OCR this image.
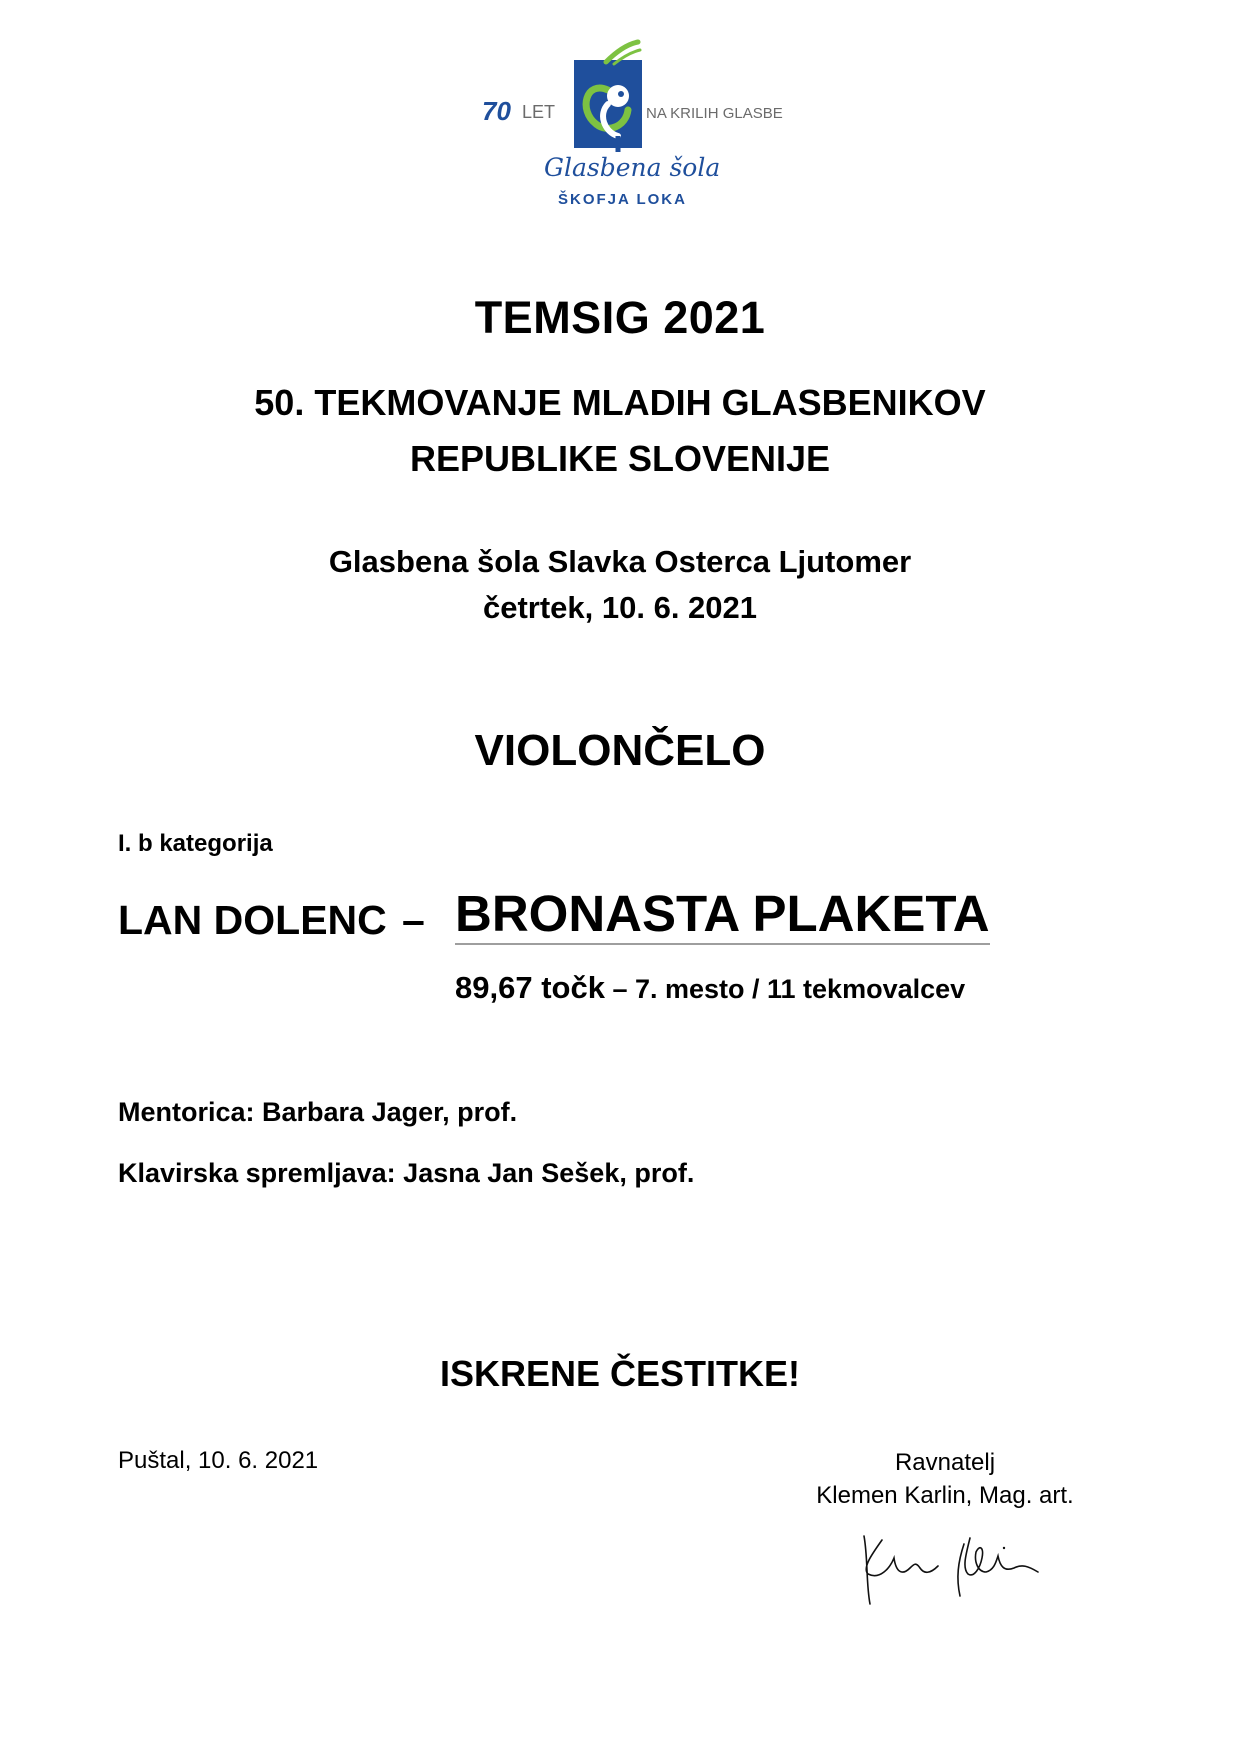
70 LET	NA KRILIH GLASBE
Glasbena šola
ŠKOFJA LOKA
TEMSIG 2021
50. TEKMOVANJE MLADIH GLASBENIKOV
REPUBLIKE SLOVENIJE
Glasbena šola Slavka Osterca Ljutomer
četrtek, 10. 6. 2021
VIOLONČELO
I. b kategorija
LAN DOLENC – BRONASTA PLAKETA
89,67 točk – 7. mesto / 11 tekmovalcev
Mentorica: Barbara Jager, prof.
Klavirska spremljava: Jasna Jan Sešek, prof.
ISKRENE ČESTITKE!
Puštal, 10. 6. 2021	Ravnatelj
Klemen Karlin, Mag. art.
